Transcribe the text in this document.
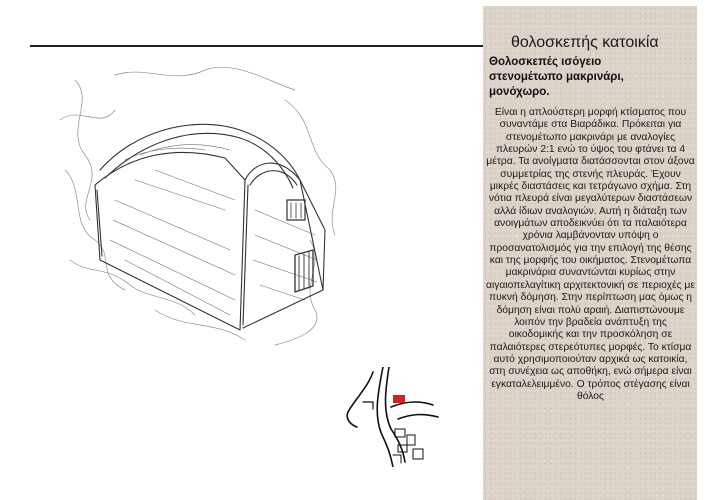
θολοσκεπής κατοικία
Θολοσκεπές ισόγειο στενομέτωπο μακρινάρι, μονόχωρο.

Είναι η απλούστερη μορφή κτίσματος που συναντάμε στα Βιαράδικα. Πρόκειται για στενομέτωπο μακρινάρι με αναλογίες πλευρών 2:1 ενώ το ύψος του φτάνει τα 4 μέτρα. Τα ανοίγματα διατάσσονται στον άξονα συμμετρίας της στενής πλευράς. Έχουν μικρές διαστάσεις και τετράγωνο σχήμα. Στη νότια πλευρά είναι μεγαλύτερων διαστάσεων αλλά ίδιων αναλογιών. Αυτή η διάταξη των ανοιγμάτων αποδεικνύει ότι τα παλαιότερα χρόνια λαμβάνονταν υπόψη ο προσανατολισμός για την επιλογή της θέσης και της μορφής του οικήματος. Στενομέτωπα μακρινάρια συναντώνται κυρίως στην αιγαιοπελαγίτικη αρχιτεκτονική σε περιοχές με πυκνή δόμηση. Στην περίπτωση μας όμως η δόμηση είναι πολύ αραιή. Διαπιστώνουμε λοιπόν την βραδεία ανάπτυξη της οικοδομικής και την προσκόληση σε παλαιότερες στερεότυπες μορφές. Το κτίσμα αυτό χρησιμοποιούταν αρχικά ως κατοικία, στη συνέχεια ως αποθήκη, ενώ σήμερα είναι εγκαταλελειμμένο. Ο τρόπος στέγασης είναι θόλος
